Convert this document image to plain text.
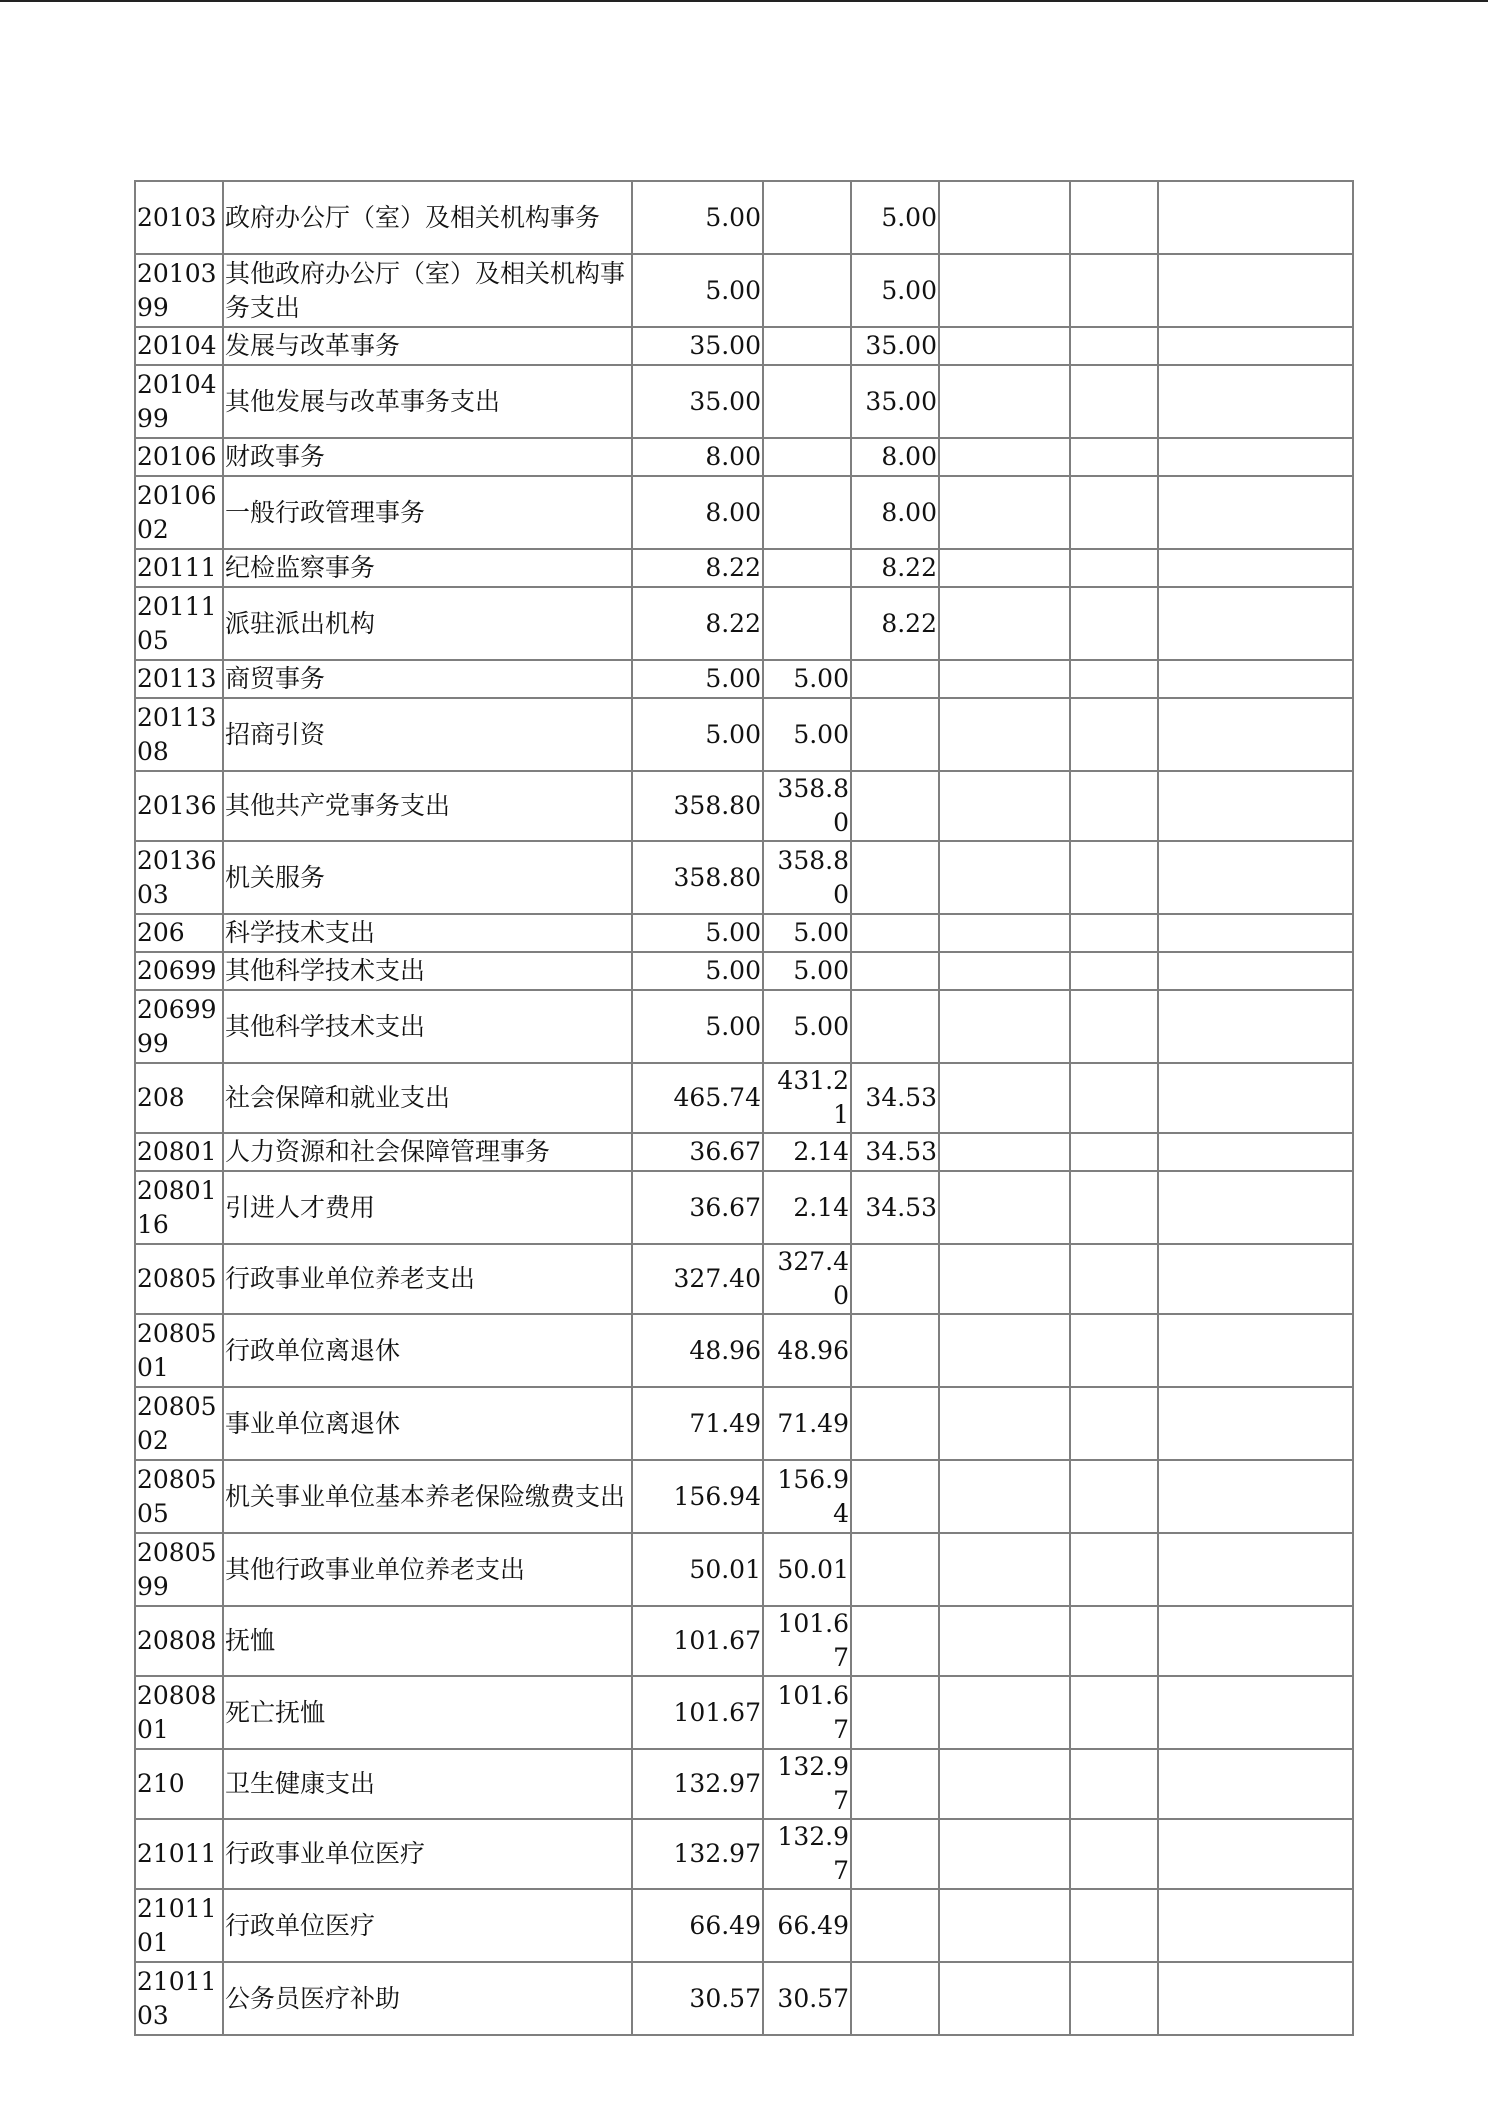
20103	政府办公厅（室）及相关机构事务	5.00		5.00			
2010399	其他政府办公厅（室）及相关机构事务支出	5.00		5.00			
20104	发展与改革事务	35.00		35.00			
2010499	其他发展与改革事务支出	35.00		35.00			
20106	财政事务	8.00		8.00			
2010602	一般行政管理事务	8.00		8.00			
20111	纪检监察事务	8.22		8.22			
2011105	派驻派出机构	8.22		8.22			
20113	商贸事务	5.00	5.00				
2011308	招商引资	5.00	5.00				
20136	其他共产党事务支出	358.80	358.80				
2013603	机关服务	358.80	358.80				
206	科学技术支出	5.00	5.00				
20699	其他科学技术支出	5.00	5.00				
2069999	其他科学技术支出	5.00	5.00				
208	社会保障和就业支出	465.74	431.21	34.53			
20801	人力资源和社会保障管理事务	36.67	2.14	34.53			
2080116	引进人才费用	36.67	2.14	34.53			
20805	行政事业单位养老支出	327.40	327.40				
2080501	行政单位离退休	48.96	48.96				
2080502	事业单位离退休	71.49	71.49				
2080505	机关事业单位基本养老保险缴费支出	156.94	156.94				
2080599	其他行政事业单位养老支出	50.01	50.01				
20808	抚恤	101.67	101.67				
2080801	死亡抚恤	101.67	101.67				
210	卫生健康支出	132.97	132.97				
21011	行政事业单位医疗	132.97	132.97				
2101101	行政单位医疗	66.49	66.49				
2101103	公务员医疗补助	30.57	30.57				
